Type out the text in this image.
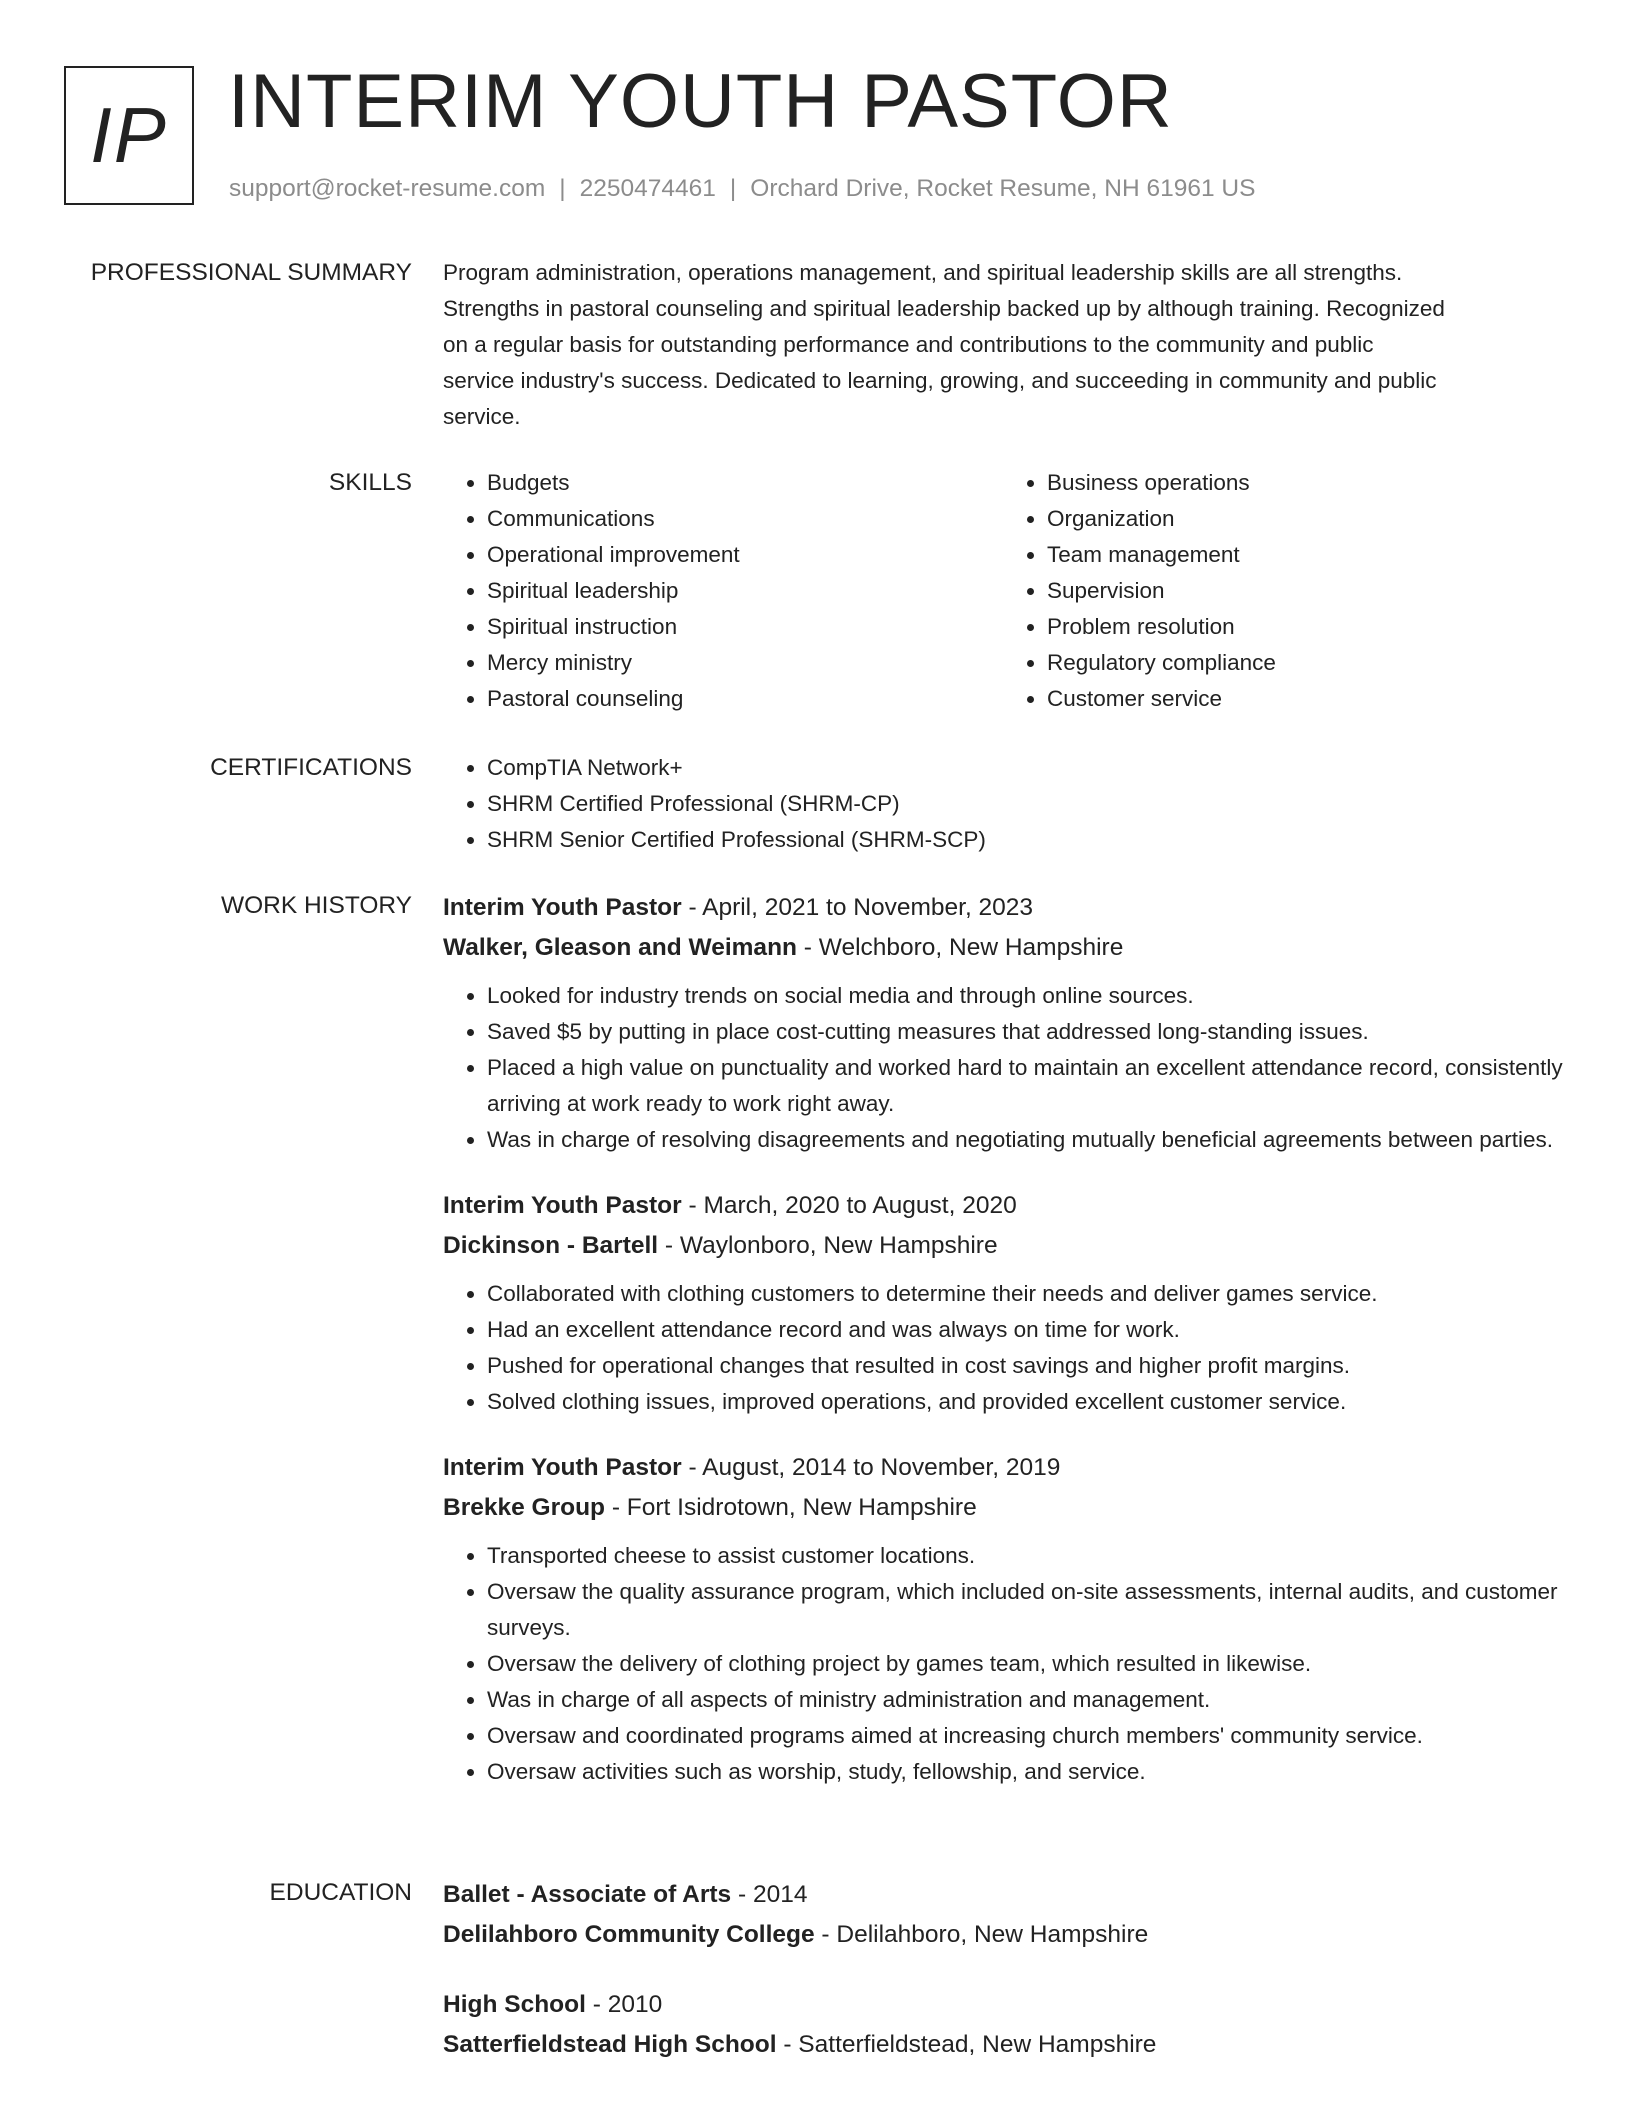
IP INTERIM YOUTH PASTOR
support@rocket-resume.com | 2250474461 | Orchard Drive, Rocket Resume, NH 61961 US
PROFESSIONAL SUMMARY Program administration, operations management, and spiritual leadership skills are all strengths.
Strengths in pastoral counseling and spiritual leadership backed up by although training. Recognized
on a regular basis for outstanding performance and contributions to the community and public
service industry's success. Dedicated to learning, growing, and succeeding in community and public
service.
SKILLS	• Budgets
• Communications
• Operational improvement
• Spiritual leadership
• Spiritual instruction
• Mercy ministry
• Pastoral counseling
• Business operations
• Organization
• Team management
• Supervision
• Problem resolution
• Regulatory compliance
• Customer service
CERTIFICATIONS	• CompTIA Network+
• SHRM Certified Professional (SHRM-CP)
• SHRM Senior Certified Professional (SHRM-SCP)
WORK HISTORY Interim Youth Pastor - April, 2021 to November, 2023
Walker, Gleason and Weimann - Welchboro, New Hampshire
• Looked for industry trends on social media and through online sources.
• Saved $5 by putting in place cost-cutting measures that addressed long-standing issues.
• Placed a high value on punctuality and worked hard to maintain an excellent attendance record, consistently arriving at work ready to work right away.
• Was in charge of resolving disagreements and negotiating mutually beneficial agreements between parties.
Interim Youth Pastor - March, 2020 to August, 2020
Dickinson - Bartell - Waylonboro, New Hampshire
• Collaborated with clothing customers to determine their needs and deliver games service.
• Had an excellent attendance record and was always on time for work.
• Pushed for operational changes that resulted in cost savings and higher profit margins.
• Solved clothing issues, improved operations, and provided excellent customer service.
Interim Youth Pastor - August, 2014 to November, 2019
Brekke Group - Fort Isidrotown, New Hampshire
• Transported cheese to assist customer locations.
• Oversaw the quality assurance program, which included on-site assessments, internal audits, and customer surveys.
• Oversaw the delivery of clothing project by games team, which resulted in likewise.
• Was in charge of all aspects of ministry administration and management.
• Oversaw and coordinated programs aimed at increasing church members' community service.
• Oversaw activities such as worship, study, fellowship, and service.
EDUCATION Ballet - Associate of Arts - 2014
Delilahboro Community College - Delilahboro, New Hampshire
High School - 2010
Satterfieldstead High School - Satterfieldstead, New Hampshire
